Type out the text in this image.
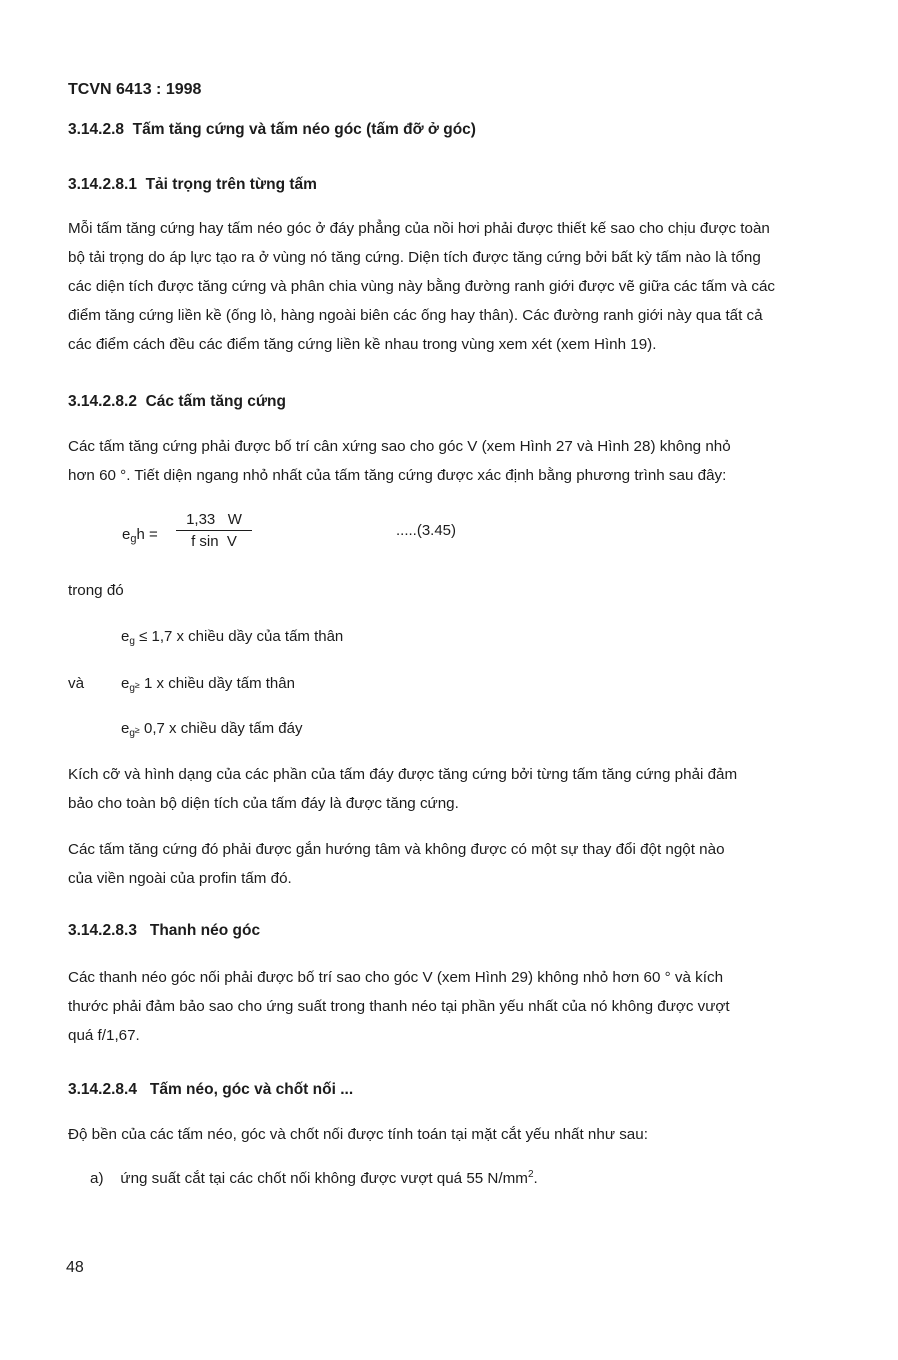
TCVN 6413 : 1998
3.14.2.8 Tấm tăng cứng và tấm néo góc (tấm đỡ ở góc)
3.14.2.8.1 Tải trọng trên từng tấm
Mỗi tấm tăng cứng hay tấm néo góc ở đáy phẳng của nồi hơi phải được thiết kế sao cho chịu được toàn
bộ tải trọng do áp lực tạo ra ở vùng nó tăng cứng. Diện tích được tăng cứng bởi bất kỳ tấm nào là tổng
các diện tích được tăng cứng và phân chia vùng này bằng đường ranh giới được vẽ giữa các tấm và các
điểm tăng cứng liền kề (ống lò, hàng ngoài biên các ống hay thân). Các đường ranh giới này qua tất cả
các điểm cách đều các điểm tăng cứng liền kề nhau trong vùng xem xét (xem Hình 19).
3.14.2.8.2 Các tấm tăng cứng
Các tấm tăng cứng phải được bố trí cân xứng sao cho góc V (xem Hình 27 và Hình 28) không nhỏ
hơn 60 °. Tiết diện ngang nhỏ nhất của tấm tăng cứng được xác định bằng phương trình sau đây:
$e_gh = \frac{1,33 W}{\text{f sin  V}}$	.....(3.45)
trong đó
$e_g \le 1,7$ x chiều dầy của tấm thân
và $e_g\ge 1$ x chiều dầy tấm thân
$e_g\ge 0,7$ x chiều dầy tấm đáy
Kích cỡ và hình dạng của các phần của tấm đáy được tăng cứng bởi từng tấm tăng cứng phải đảm
bảo cho toàn bộ diện tích của tấm đáy là được tăng cứng.
Các tấm tăng cứng đó phải được gắn hướng tâm và không được có một sự thay đổi đột ngột nào
của viền ngoài của profin tấm đó.
3.14.2.8.3 Thanh néo góc
Các thanh néo góc nối phải được bố trí sao cho góc V (xem Hình 29) không nhỏ hơn 60 ° và kích
thước phải đảm bảo sao cho ứng suất trong thanh néo tại phần yếu nhất của nó không được vượt
quá f/1,67.
3.14.2.8.4 Tấm néo, góc và chốt nối ...
Độ bền của các tấm néo, góc và chốt nối được tính toán tại mặt cắt yếu nhất như sau:
a) ứng suất cắt tại các chốt nối không được vượt quá 55 $N/mm^2$.
48
